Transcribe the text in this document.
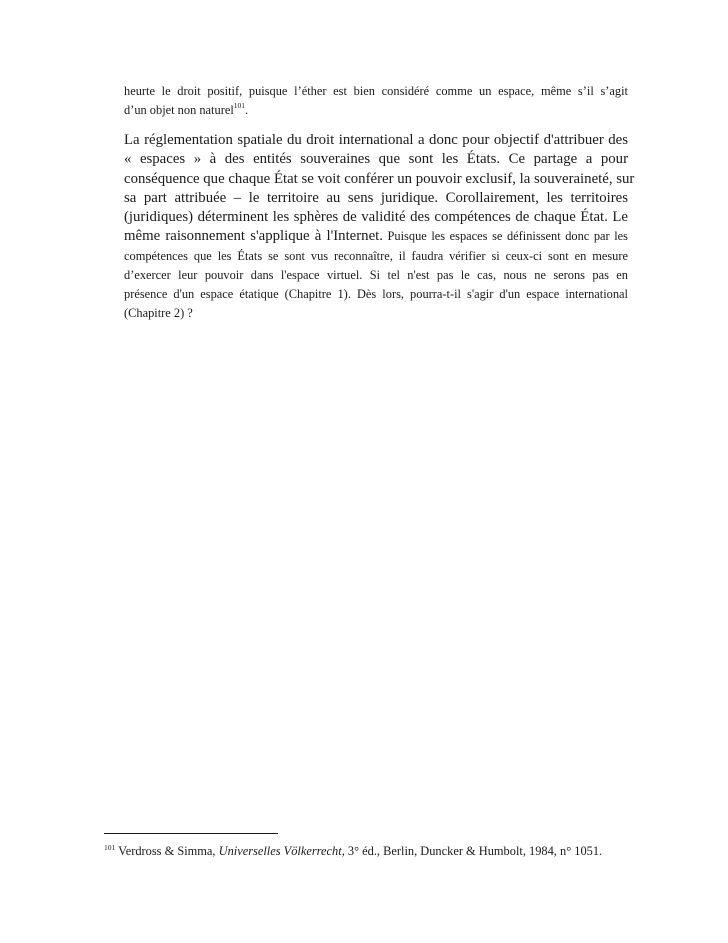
heurte le droit positif, puisque l’éther est bien considéré comme un espace, même s’il s’agit
d’un objet non naturel$^{101}$.
La réglementation spatiale du droit international a donc pour objectif d'attribuer des
« espaces » à des entités souveraines que sont les États. Ce partage a pour
conséquence que chaque État se voit conférer un pouvoir exclusif, la souveraineté, sur
sa part attribuée – le territoire au sens juridique. Corollairement, les territoires
(juridiques) déterminent les sphères de validité des compétences de chaque État. Le
même raisonnement s'applique à l'Internet. Puisque les espaces se définissent donc par les
compétences que les États se sont vus reconnaître, il faudra vérifier si ceux-ci sont en mesure
d’exercer leur pouvoir dans l'espace virtuel. Si tel n'est pas le cas, nous ne serons pas en
présence d'un espace étatique (Chapitre 1). Dès lors, pourra-t-il s'agir d'un espace international
(Chapitre 2) ?
$^{101}$ Verdross & Simma, Universelles Völkerrecht, 3° éd., Berlin, Duncker & Humbolt, 1984, n° 1051.
